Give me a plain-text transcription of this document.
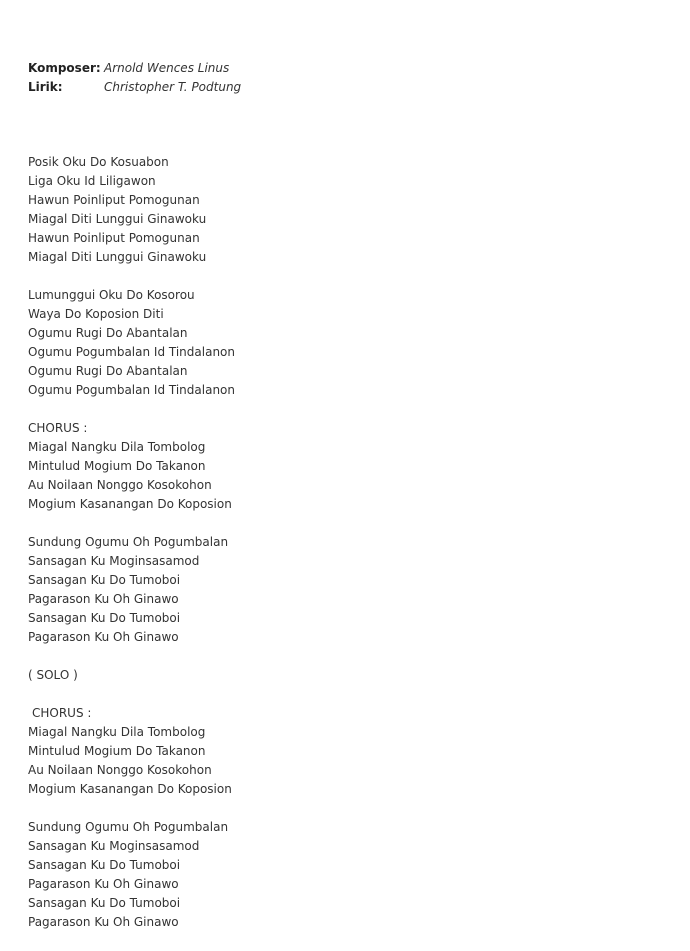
Komposer: Arnold Wences Linus
Lirik:	Christopher T. Podtung
Posik Oku Do Kosuabon
Liga Oku Id Liligawon
Hawun Poinliput Pomogunan
Miagal Diti Lunggui Ginawoku
Hawun Poinliput Pomogunan
Miagal Diti Lunggui Ginawoku
Lumunggui Oku Do Kosorou
Waya Do Koposion Diti
Ogumu Rugi Do Abantalan
Ogumu Pogumbalan Id Tindalanon
Ogumu Rugi Do Abantalan
Ogumu Pogumbalan Id Tindalanon
CHORUS :
Miagal Nangku Dila Tombolog
Mintulud Mogium Do Takanon
Au Noilaan Nonggo Kosokohon
Mogium Kasanangan Do Koposion
Sundung Ogumu Oh Pogumbalan
Sansagan Ku Moginsasamod
Sansagan Ku Do Tumoboi
Pagarason Ku Oh Ginawo
Sansagan Ku Do Tumoboi
Pagarason Ku Oh Ginawo
( SOLO )
CHORUS :
Miagal Nangku Dila Tombolog
Mintulud Mogium Do Takanon
Au Noilaan Nonggo Kosokohon
Mogium Kasanangan Do Koposion
Sundung Ogumu Oh Pogumbalan
Sansagan Ku Moginsasamod
Sansagan Ku Do Tumoboi
Pagarason Ku Oh Ginawo
Sansagan Ku Do Tumoboi
Pagarason Ku Oh Ginawo
